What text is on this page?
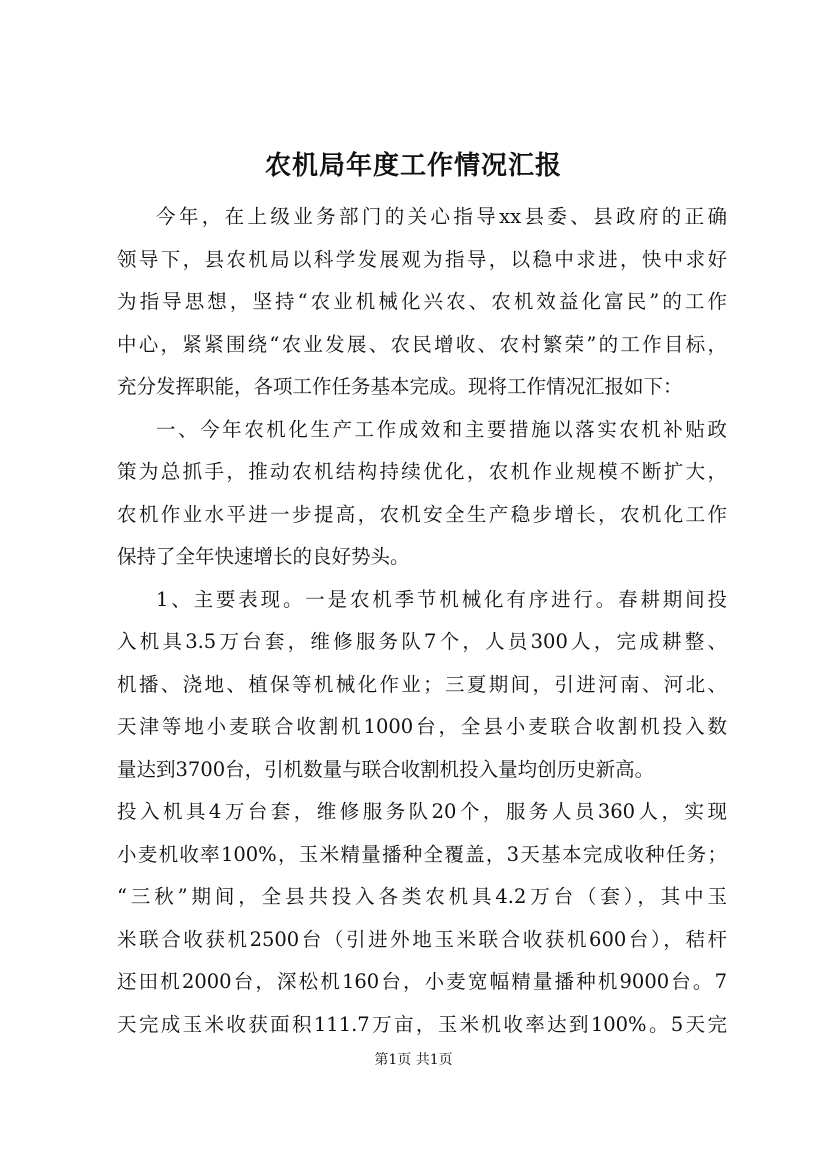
农机局年度工作情况汇报
今年，在上级业务部门的关心指导xx县委、县政府的正确
领导下，县农机局以科学发展观为指导，以稳中求进，快中求好
为指导思想，坚持“农业机械化兴农、农机效益化富民”的工作
中心，紧紧围绕“农业发展、农民增收、农村繁荣”的工作目标，
充分发挥职能，各项工作任务基本完成。现将工作情况汇报如下：
一、今年农机化生产工作成效和主要措施以落实农机补贴政
策为总抓手，推动农机结构持续优化，农机作业规模不断扩大，
农机作业水平进一步提高，农机安全生产稳步增长，农机化工作
保持了全年快速增长的良好势头。
1、主要表现。一是农机季节机械化有序进行。春耕期间投
入机具3.5万台套，维修服务队7个，人员300人，完成耕整、
机播、浇地、植保等机械化作业；三夏期间，引进河南、河北、
天津等地小麦联合收割机1000台，全县小麦联合收割机投入数
量达到3700台，引机数量与联合收割机投入量均创历史新高。
投入机具4万台套，维修服务队20个，服务人员360人，实现
小麦机收率100%，玉米精量播种全覆盖，3天基本完成收种任务；
“三秋”期间，全县共投入各类农机具4.2万台（套），其中玉
米联合收获机2500台（引进外地玉米联合收获机600台），秸杆
还田机2000台，深松机160台，小麦宽幅精量播种机9000台。7
天完成玉米收获面积111.7万亩，玉米机收率达到100%。5天完
第1页 共1页
